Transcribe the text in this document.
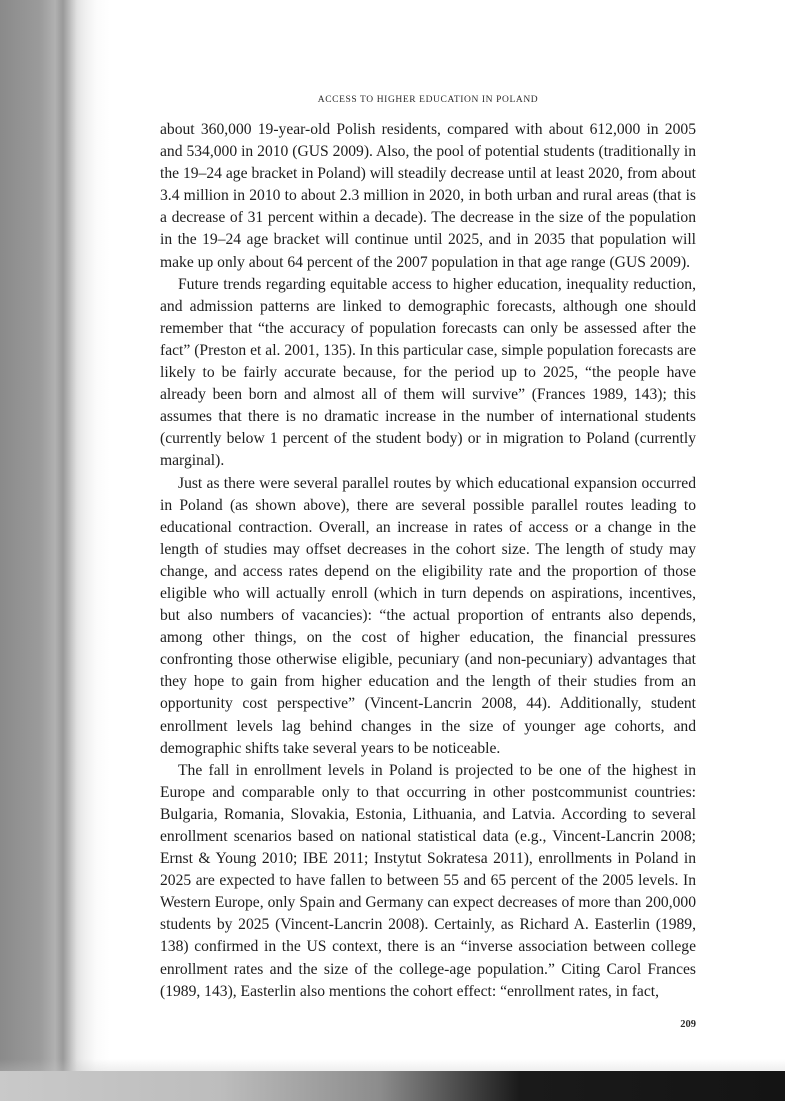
ACCESS TO HIGHER EDUCATION IN POLAND

about 360,000 19-year-old Polish residents, compared with about 612,000 in 2005 and 534,000 in 2010 (GUS 2009). Also, the pool of potential students (traditionally in the 19–24 age bracket in Poland) will steadily decrease until at least 2020, from about 3.4 million in 2010 to about 2.3 million in 2020, in both urban and rural areas (that is a decrease of 31 percent within a decade). The decrease in the size of the population in the 19–24 age bracket will continue until 2025, and in 2035 that population will make up only about 64 percent of the 2007 population in that age range (GUS 2009).

Future trends regarding equitable access to higher education, inequality reduction, and admission patterns are linked to demographic forecasts, although one should remember that “the accuracy of population forecasts can only be assessed after the fact” (Preston et al. 2001, 135). In this particular case, simple population forecasts are likely to be fairly accurate because, for the period up to 2025, “the people have already been born and almost all of them will survive” (Frances 1989, 143); this assumes that there is no dramatic increase in the number of international students (currently below 1 percent of the student body) or in migration to Poland (currently marginal).

Just as there were several parallel routes by which educational expansion occurred in Poland (as shown above), there are several possible parallel routes leading to educational contraction. Overall, an increase in rates of access or a change in the length of studies may offset decreases in the cohort size. The length of study may change, and access rates depend on the eligibility rate and the proportion of those eligible who will actually enroll (which in turn depends on aspirations, incentives, but also numbers of vacancies): “the actual proportion of entrants also depends, among other things, on the cost of higher education, the financial pressures confronting those otherwise eligible, pecuniary (and non-pecuniary) advantages that they hope to gain from higher education and the length of their studies from an opportunity cost perspective” (Vincent-Lancrin 2008, 44). Additionally, student enrollment levels lag behind changes in the size of younger age cohorts, and demographic shifts take several years to be noticeable.

The fall in enrollment levels in Poland is projected to be one of the highest in Europe and comparable only to that occurring in other postcommunist countries: Bulgaria, Romania, Slovakia, Estonia, Lithuania, and Latvia. According to several enrollment scenarios based on national statistical data (e.g., Vincent-Lancrin 2008; Ernst & Young 2010; IBE 2011; Instytut Sokratesa 2011), enrollments in Poland in 2025 are expected to have fallen to between 55 and 65 percent of the 2005 levels. In Western Europe, only Spain and Germany can expect decreases of more than 200,000 students by 2025 (Vincent-Lancrin 2008). Certainly, as Richard A. Easterlin (1989, 138) confirmed in the US context, there is an “inverse association between college enrollment rates and the size of the college-age population.” Citing Carol Frances (1989, 143), Easterlin also mentions the cohort effect: “enrollment rates, in fact,

209
